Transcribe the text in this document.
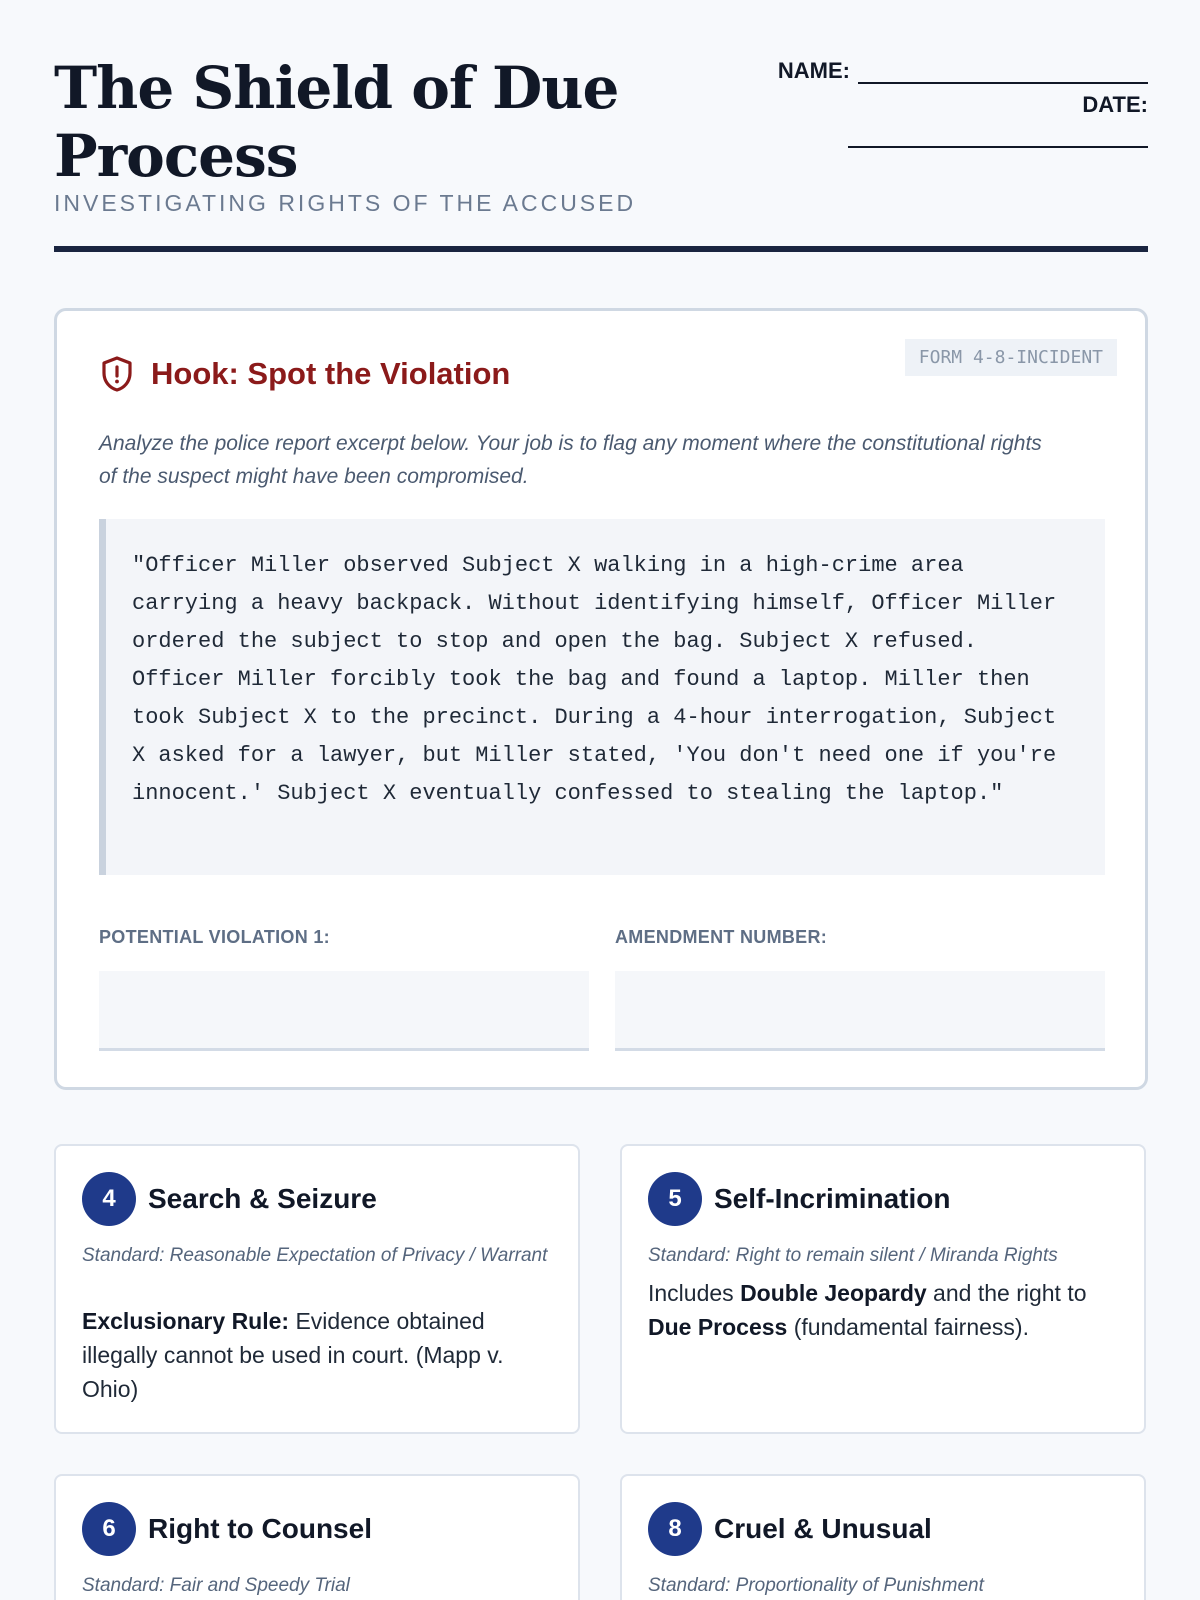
The Shield of Due Process
INVESTIGATING RIGHTS OF THE ACCUSED
NAME:
DATE:
FORM 4-8-INCIDENT
Hook: Spot the Violation
Analyze the police report excerpt below. Your job is to flag any moment where the constitutional rights of the suspect might have been compromised.
"Officer Miller observed Subject X walking in a high-crime area carrying a heavy backpack. Without identifying himself, Officer Miller ordered the subject to stop and open the bag. Subject X refused. Officer Miller forcibly took the bag and found a laptop. Miller then took Subject X to the precinct. During a 4-hour interrogation, Subject X asked for a lawyer, but Miller stated, 'You don't need one if you're innocent.' Subject X eventually confessed to stealing the laptop."
POTENTIAL VIOLATION 1:	AMENDMENT NUMBER:
4	Search & Seizure
Standard: Reasonable Expectation of Privacy / Warrant
Exclusionary Rule: Evidence obtained illegally cannot be used in court. (Mapp v. Ohio)
5	Self-Incrimination
Standard: Right to remain silent / Miranda Rights
Includes Double Jeopardy and the right to Due Process (fundamental fairness).
6	Right to Counsel
Standard: Fair and Speedy Trial
8	Cruel & Unusual
Standard: Proportionality of Punishment
